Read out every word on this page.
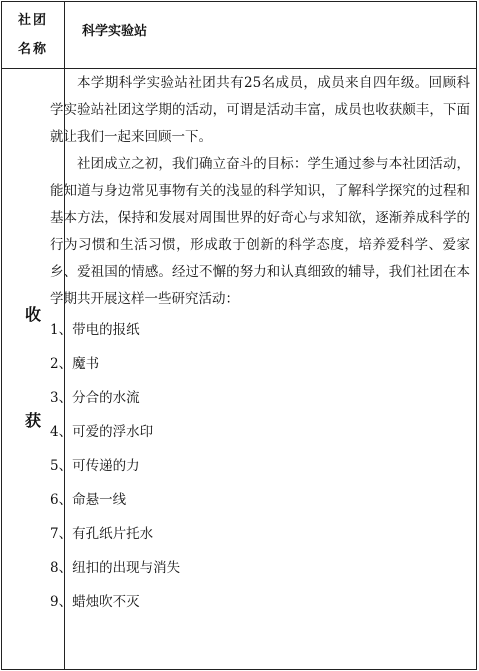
社团
名称
科学实验站
收
获

本学期科学实验站社团共有25名成员，成员来自四年级。回顾科学实验站社团这学期的活动，可谓是活动丰富，成员也收获颇丰，下面就让我们一起来回顾一下。

社团成立之初，我们确立奋斗的目标：学生通过参与本社团活动，能知道与身边常见事物有关的浅显的科学知识，了解科学探究的过程和基本方法，保持和发展对周围世界的好奇心与求知欲，逐渐养成科学的行为习惯和生活习惯，形成敢于创新的科学态度，培养爱科学、爱家乡、爱祖国的情感。经过不懈的努力和认真细致的辅导，我们社团在本学期共开展这样一些研究活动：

1、带电的报纸
2、魔书
3、分合的水流
4、可爱的浮水印
5、可传递的力
6、命悬一线
7、有孔纸片托水
8、纽扣的出现与消失
9、蜡烛吹不灭
